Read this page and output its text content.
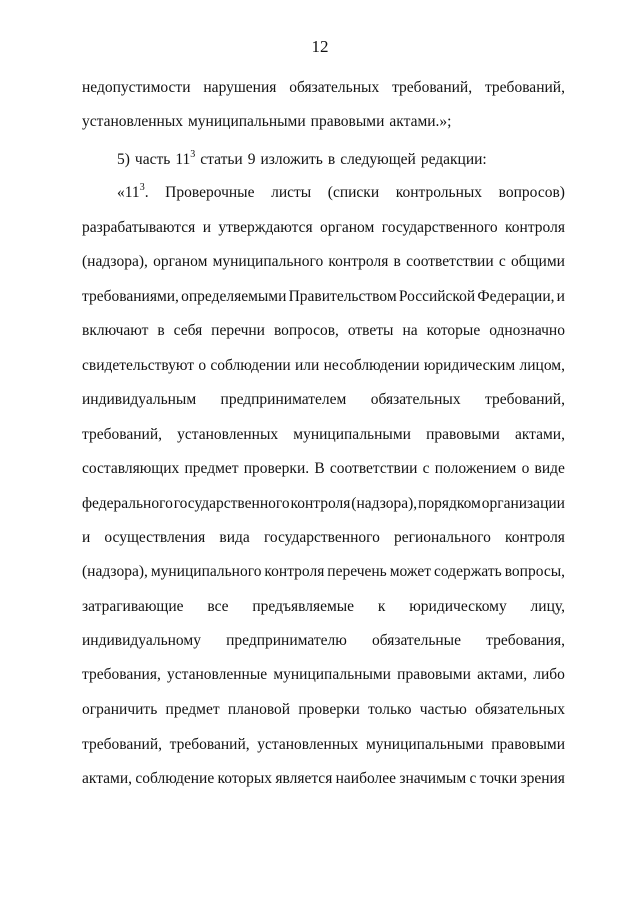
12
недопустимости нарушения обязательных требований, требований,
установленных муниципальными правовыми актами.»;
5) часть $11^3$ статьи 9 изложить в следующей редакции:
«$11^3$. Проверочные листы (списки контрольных вопросов)
разрабатываются и утверждаются органом государственного контроля
(надзора), органом муниципального контроля в соответствии с общими
требованиями, определяемыми Правительством Российской Федерации, и
включают в себя перечни вопросов, ответы на которые однозначно
свидетельствуют о соблюдении или несоблюдении юридическим лицом,
индивидуальным предпринимателем обязательных требований,
требований, установленных муниципальными правовыми актами,
составляющих предмет проверки. В соответствии с положением о виде
федерального государственного контроля (надзора), порядком организации
и осуществления вида государственного регионального контроля
(надзора), муниципального контроля перечень может содержать вопросы,
затрагивающие все предъявляемые к юридическому лицу,
индивидуальному предпринимателю обязательные требования,
требования, установленные муниципальными правовыми актами, либо
ограничить предмет плановой проверки только частью обязательных
требований, требований, установленных муниципальными правовыми
актами, соблюдение которых является наиболее значимым с точки зрения
